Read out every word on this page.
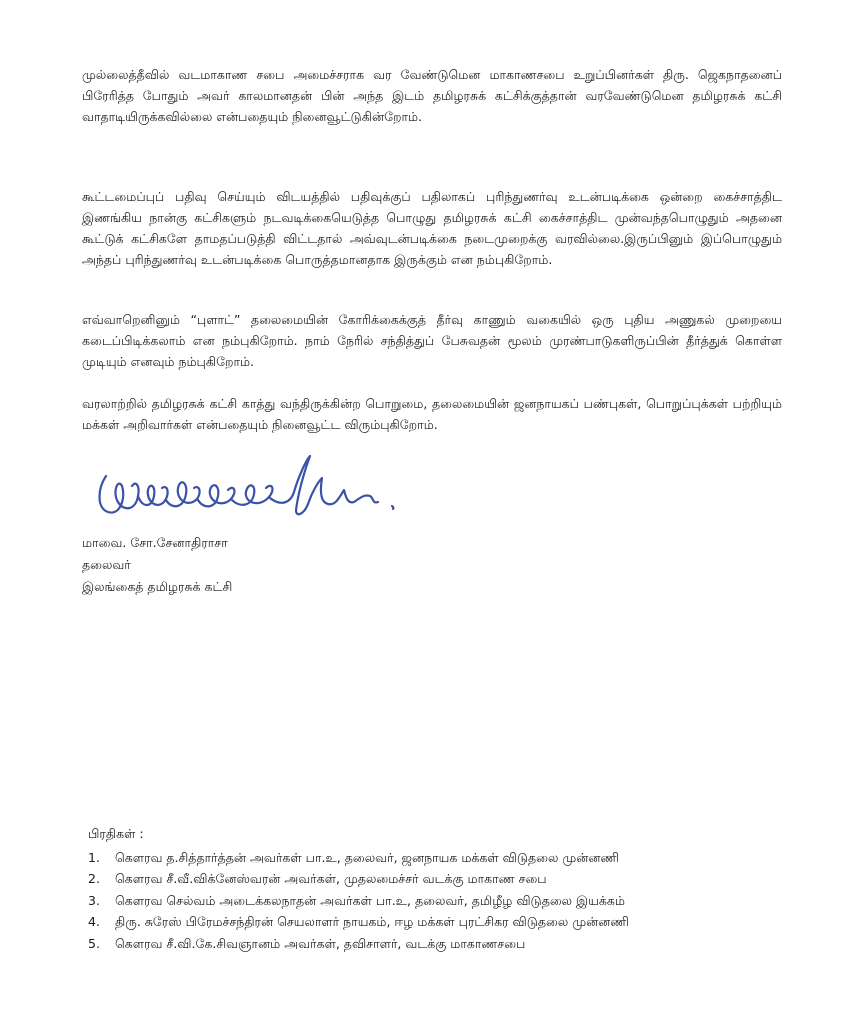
முல்லைத்தீவில் வடமாகாண சபை அமைச்சராக வர வேண்டுமென மாகாணசபை உறுப்பினர்கள் திரு. ஜெகநாதனைப் பிரேரித்த போதும் அவர் காலமானதன் பின் அந்த இடம் தமிழரசுக் கட்சிக்குத்தான் வரவேண்டுமென தமிழரசுக் கட்சி வாதாடியிருக்கவில்லை என்பதையும் நினைவூட்டுகின்றோம்.

கூட்டமைப்புப் பதிவு செய்யும் விடயத்தில் பதிவுக்குப் பதிலாகப் புரிந்துணர்வு உடன்படிக்கை ஒன்றை கைச்சாத்திட இணங்கிய நான்கு கட்சிகளும் நடவடிக்கையெடுத்த பொழுது தமிழரசுக் கட்சி கைச்சாத்திட முன்வந்தபொழுதும் அதனை கூட்டுக் கட்சிகளே தாமதப்படுத்தி விட்டதால் அவ்வுடன்படிக்கை நடைமுறைக்கு வரவில்லை.இருப்பினும் இப்பொழுதும் அந்தப் புரிந்துணர்வு உடன்படிக்கை பொருத்தமானதாக இருக்கும் என நம்புகிறோம்.

எவ்வாறெனினும் “புளாட்” தலைமையின் கோரிக்கைக்குத் தீர்வு காணும் வகையில் ஒரு புதிய அணுகல் முறையை கடைப்பிடிக்கலாம் என நம்புகிறோம். நாம் நேரில் சந்தித்துப் பேசுவதன் மூலம் முரண்பாடுகளிருப்பின் தீர்த்துக் கொள்ள முடியும் எனவும் நம்புகிறோம்.

வரலாற்றில் தமிழரசுக் கட்சி காத்து வந்திருக்கின்ற பொறுமை, தலைமையின் ஜனநாயகப் பண்புகள், பொறுப்புக்கள் பற்றியும் மக்கள் அறிவார்கள் என்பதையும் நினைவூட்ட விரும்புகிறோம்.

மாவை. சோ.சேனாதிராசா
தலைவர்
இலங்கைத் தமிழரசுக் கட்சி
பிரதிகள் :
1.	கௌரவ த.சித்தார்த்தன் அவர்கள் பா.உ, தலைவர், ஜனநாயக மக்கள் விடுதலை முன்னணி
2.	கௌரவ சீ.வீ.விக்னேஸ்வரன் அவர்கள், முதலமைச்சர் வடக்கு மாகாண சபை
3.	கௌரவ செல்வம் அடைக்கலநாதன் அவர்கள் பா.உ, தலைவர், தமிழீழ விடுதலை இயக்கம்
4.	திரு. சுரேஸ் பிரேமச்சந்திரன் செயலாளர் நாயகம், ஈழ மக்கள் புரட்சிகர விடுதலை முன்னணி
5.	கௌரவ சீ.வி.கே.சிவஞானம் அவர்கள், தவிசாளர், வடக்கு மாகாணசபை
